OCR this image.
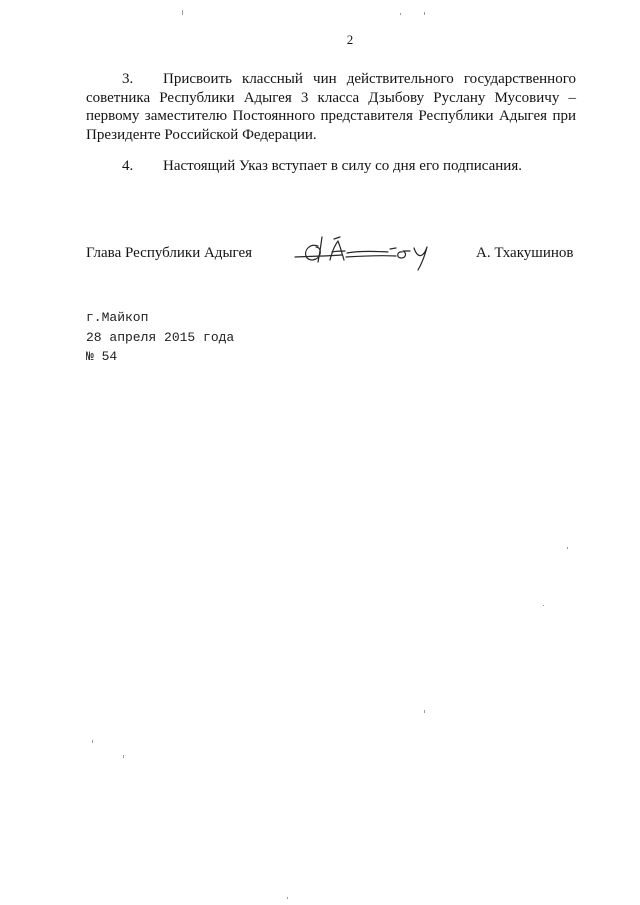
2
3. Присвоить классный чин действительного государственного
советника Республики Адыгея 3 класса Дзыбову Руслану Мусовичу –
первому заместителю Постоянного представителя Республики Адыгея при
Президенте Российской Федерации.
4. Настоящий Указ вступает в силу со дня его подписания.
Глава Республики Адыгея	А. Тхакушинов
г.Майкоп
28 апреля 2015 года
№ 54
